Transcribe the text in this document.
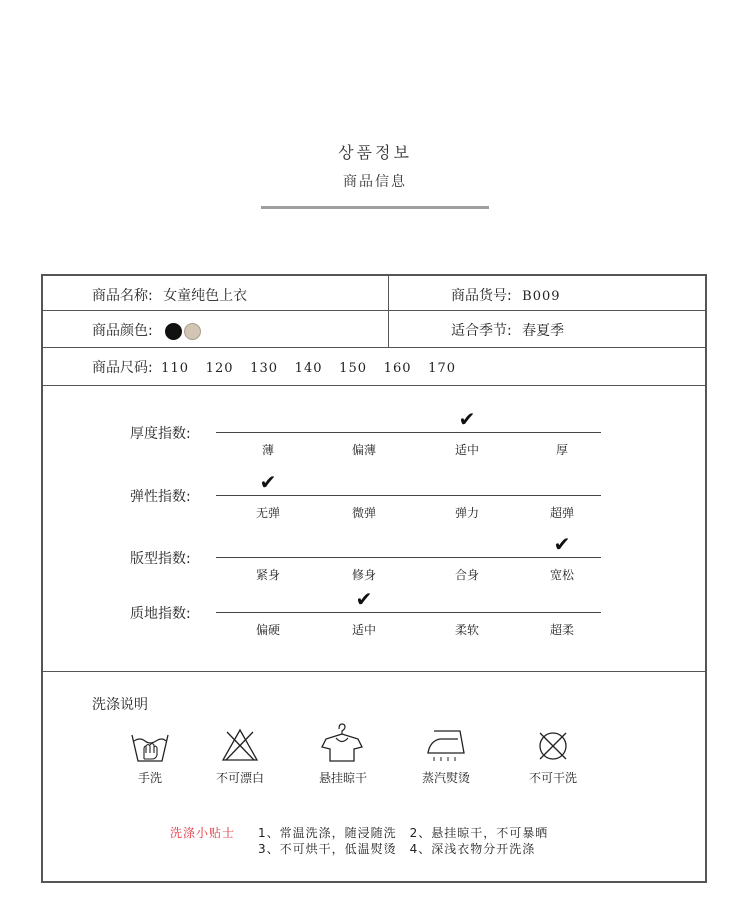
상품정보
商品信息
商品名称: 女童纯色上衣	商品货号: B009
商品颜色:	适合季节: 春夏季
商品尺码: 110 120 130 140 150 160 170
厚度指数:
薄	偏薄	适中	厚
✔
弹性指数:
无弹	微弹	弹力	超弹
✔
版型指数:
紧身	修身	合身	宽松
✔
质地指数:
偏硬	适中	柔软	超柔
✔
洗涤说明
手洗	不可漂白	悬挂晾干	蒸汽熨烫	不可干洗
洗涤小贴士 1、常温洗涤，随浸随洗　2、悬挂晾干，不可暴晒
3、不可烘干，低温熨烫　4、深浅衣物分开洗涤
